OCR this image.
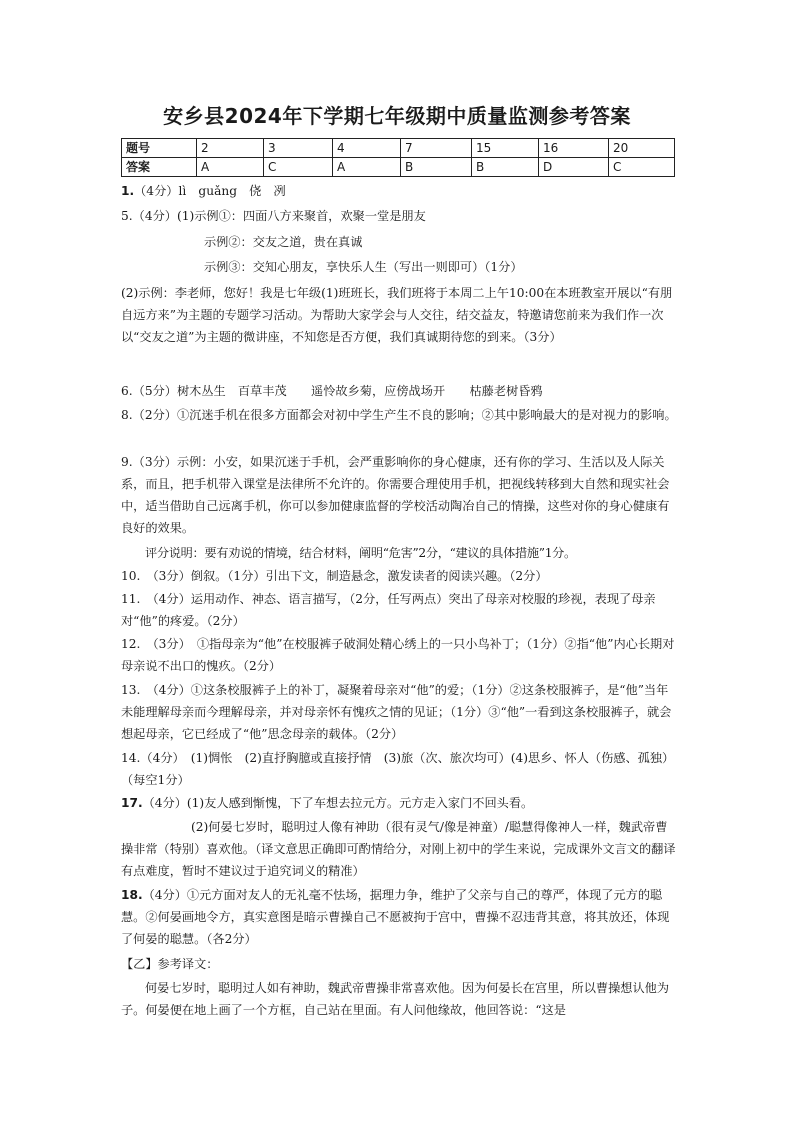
安乡县2024年下学期七年级期中质量监测参考答案
题号	2	3	4	7	15	16	20
答案	A	C	A	B	B	D	C
1.（4分）lì　guǎng　侥　冽
5.（4分）(1)示例①：四面八方来聚首，欢聚一堂是朋友
示例②：交友之道，贵在真诚
示例③：交知心朋友，享快乐人生（写出一则即可）（1分）
(2)示例：李老师，您好！我是七年级(1)班班长，我们班将于本周二上午10:00在本班教室开展以“有朋自远方来”为主题的专题学习活动。为帮助大家学会与人交往，结交益友，特邀请您前来为我们作一次以“交友之道”为主题的微讲座，不知您是否方便，我们真诚期待您的到来。（3分）
6.（5分）树木丛生　百草丰茂　　遥怜故乡菊，应傍战场开　　枯藤老树昏鸦
8.（2分）①沉迷手机在很多方面都会对初中学生产生不良的影响；②其中影响最大的是对视力的影响。
9.（3分）示例：小安，如果沉迷于手机，会严重影响你的身心健康，还有你的学习、生活以及人际关系，而且，把手机带入课堂是法律所不允许的。你需要合理使用手机，把视线转移到大自然和现实社会中，适当借助自己远离手机，你可以参加健康监督的学校活动陶冶自己的情操，这些对你的身心健康有良好的效果。
评分说明：要有劝说的情境，结合材料，阐明“危害”2分，“建议的具体措施”1分。
10.　（3分）倒叙。（1分）引出下文，制造悬念，激发读者的阅读兴趣。（2分）
11.　（4分）运用动作、神态、语言描写，（2分，任写两点）突出了母亲对校服的珍视，表现了母亲对“他”的疼爱。（2分）
12.　（3分）　①指母亲为“他”在校服裤子破洞处精心绣上的一只小鸟补丁；（1分）②指“他”内心长期对母亲说不出口的愧疚。（2分）
13.　（4分）①这条校服裤子上的补丁，凝聚着母亲对“他”的爱；（1分）②这条校服裤子，是“他”当年未能理解母亲而今理解母亲，并对母亲怀有愧疚之情的见证；（1分）③“他”一看到这条校服裤子，就会想起母亲，它已经成了“他”思念母亲的载体。（2分）
14.（4分）　(1)惆怅　(2)直抒胸臆或直接抒情　(3)旅（次、旅次均可）(4)思乡、怀人（伤感、孤独）（每空1分）
17.（4分）(1)友人感到惭愧，下了车想去拉元方。元方走入家门不回头看。
(2)何晏七岁时，聪明过人像有神助（很有灵气/像是神童）/聪慧得像神人一样，魏武帝曹操非常（特别）喜欢他。（译文意思正确即可酌情给分，对刚上初中的学生来说，完成课外文言文的翻译有点难度，暂时不建议过于追究词义的精准）
18.（4分）①元方面对友人的无礼毫不怯场，据理力争，维护了父亲与自己的尊严，体现了元方的聪慧。②何晏画地令方，真实意图是暗示曹操自己不愿被拘于宫中，曹操不忍违背其意，将其放还，体现了何晏的聪慧。（各2分）
【乙】参考译文：
何晏七岁时，聪明过人如有神助，魏武帝曹操非常喜欢他。因为何晏长在宫里，所以曹操想认他为子。何晏便在地上画了一个方框，自己站在里面。有人问他缘故，他回答说：“这是
